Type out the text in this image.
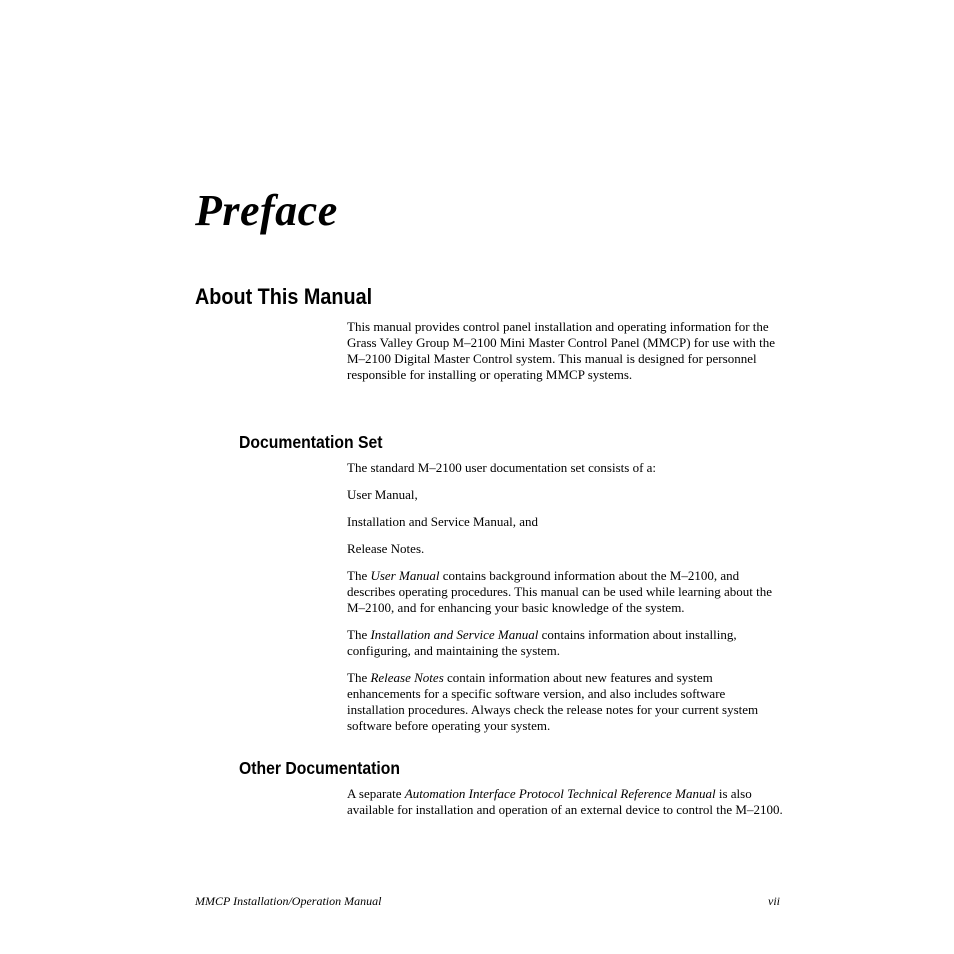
Preface
About This Manual

This manual provides control panel installation and operating information for the Grass Valley Group M–2100 Mini Master Control Panel (MMCP) for use with the M–2100 Digital Master Control system. This manual is designed for personnel responsible for installing or operating MMCP systems.

Documentation Set

The standard M–2100 user documentation set consists of a:

User Manual,

Installation and Service Manual, and

Release Notes.

The User Manual contains background information about the M–2100, and describes operating procedures. This manual can be used while learning about the M–2100, and for enhancing your basic knowledge of the system.

The Installation and Service Manual contains information about installing, configuring, and maintaining the system.

The Release Notes contain information about new features and system enhancements for a specific software version, and also includes software installation procedures. Always check the release notes for your current system software before operating your system.

Other Documentation

A separate Automation Interface Protocol Technical Reference Manual is also available for installation and operation of an external device to control the M–2100.

MMCP Installation/Operation Manual	vii
